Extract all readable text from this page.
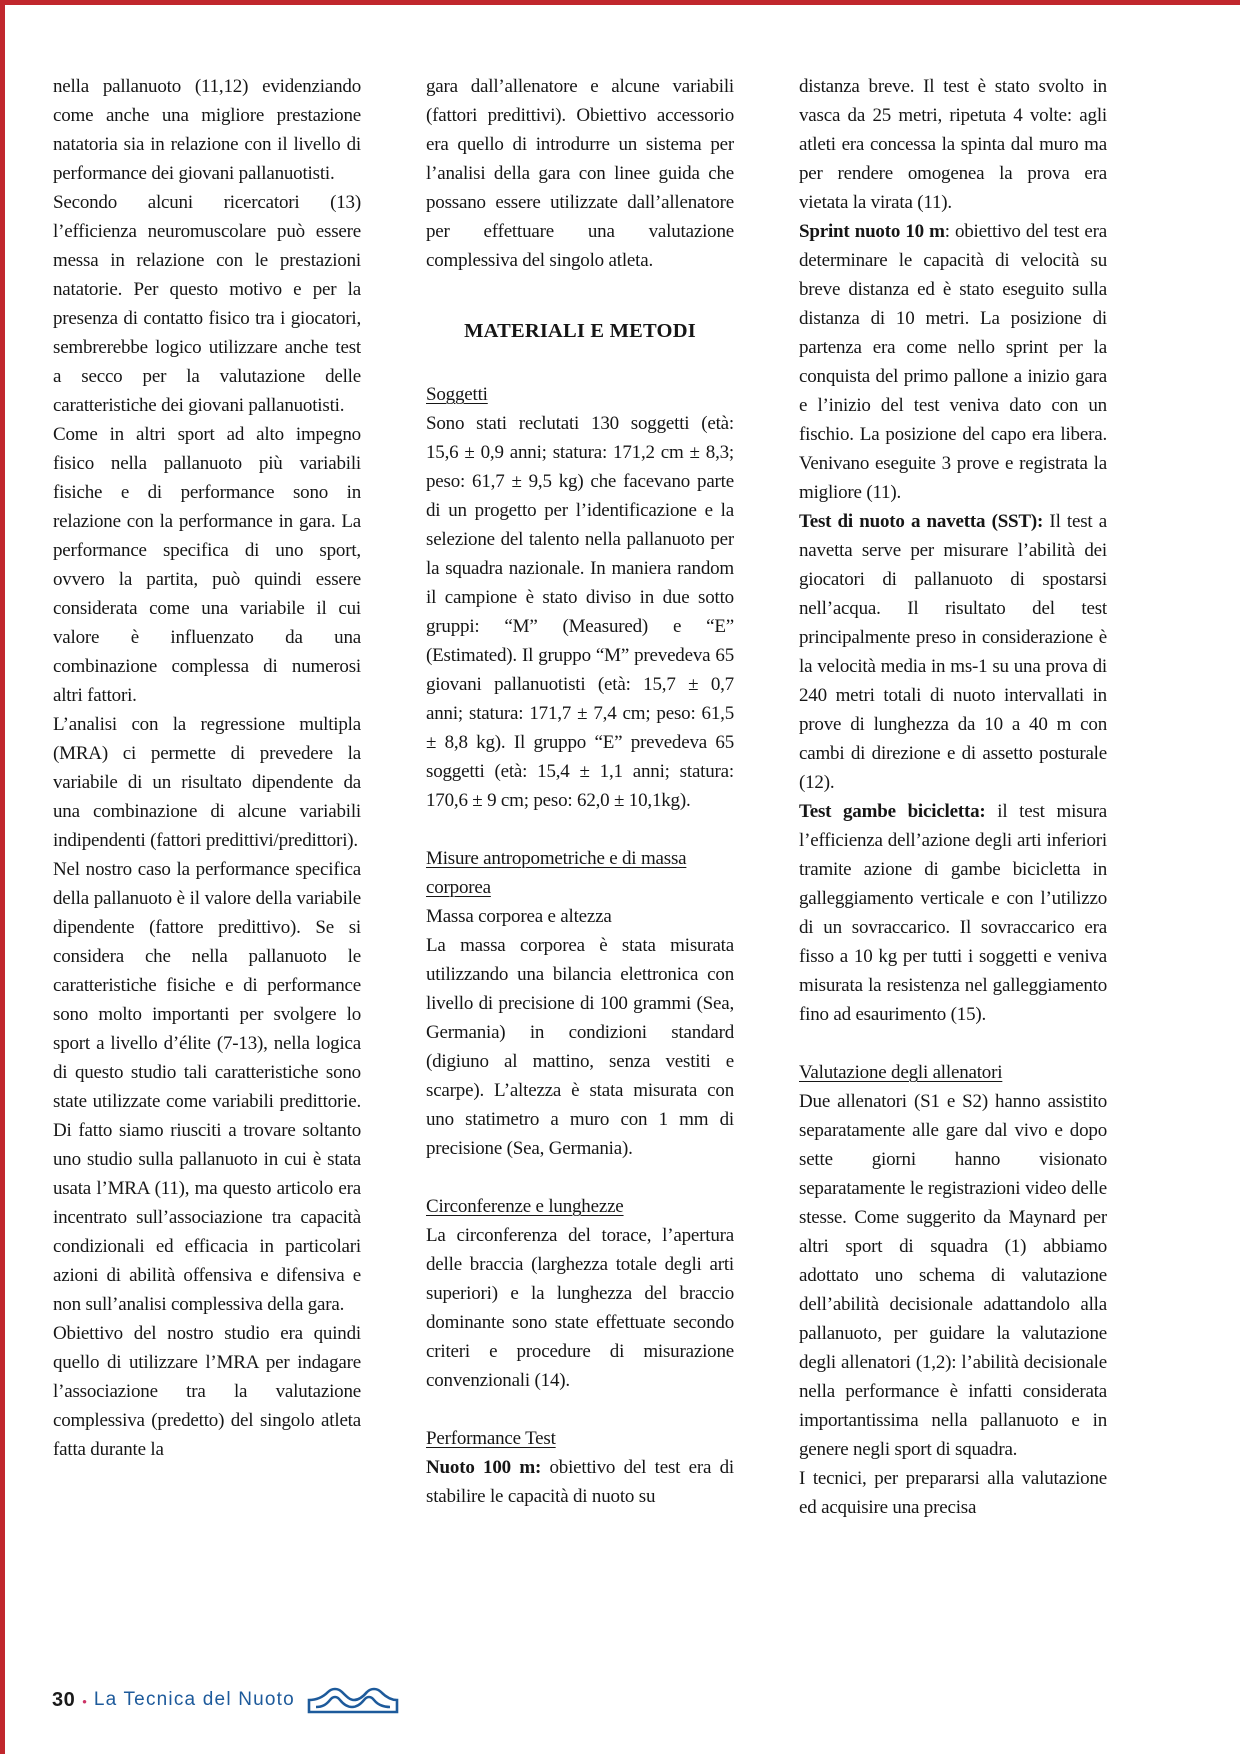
nella pallanuoto (11,12) evidenziando come anche una migliore prestazione natatoria sia in relazione con il livello di performance dei giovani pallanuotisti.

Secondo alcuni ricercatori (13) l’efficienza neuromuscolare può essere messa in relazione con le prestazioni natatorie. Per questo motivo e per la presenza di contatto fisico tra i giocatori, sembrerebbe logico utilizzare anche test a secco per la valutazione delle caratteristiche dei giovani pallanuotisti.

Come in altri sport ad alto impegno fisico nella pallanuoto più variabili fisiche e di performance sono in relazione con la performance in gara. La performance specifica di uno sport, ovvero la partita, può quindi essere considerata come una variabile il cui valore è influenzato da una combinazione complessa di numerosi altri fattori.

L’analisi con la regressione multipla (MRA) ci permette di prevedere la variabile di un risultato dipendente da una combinazione di alcune variabili indipendenti (fattori predittivi/predittori).

Nel nostro caso la performance specifica della pallanuoto è il valore della variabile dipendente (fattore predittivo). Se si considera che nella pallanuoto le caratteristiche fisiche e di performance sono molto importanti per svolgere lo sport a livello d’élite (7-13), nella logica di questo studio tali caratteristiche sono state utilizzate come variabili predittorie. Di fatto siamo riusciti a trovare soltanto uno studio sulla pallanuoto in cui è stata usata l’MRA (11), ma questo articolo era incentrato sull’associazione tra capacità condizionali ed efficacia in particolari azioni di abilità offensiva e difensiva e non sull’analisi complessiva della gara.

Obiettivo del nostro studio era quindi quello di utilizzare l’MRA per indagare l’associazione tra la valutazione complessiva (predetto) del singolo atleta fatta durante la

gara dall’allenatore e alcune variabili (fattori predittivi). Obiettivo accessorio era quello di introdurre un sistema per l’analisi della gara con linee guida che possano essere utilizzate dall’allenatore per effettuare una valutazione complessiva del singolo atleta.

MATERIALI E METODI
Soggetti

Sono stati reclutati 130 soggetti (età: 15,6 ± 0,9 anni; statura: 171,2 cm ± 8,3; peso: 61,7 ± 9,5 kg) che facevano parte di un progetto per l’identificazione e la selezione del talento nella pallanuoto per la squadra nazionale. In maniera random il campione è stato diviso in due sotto gruppi: “M” (Measured) e “E” (Estimated). Il gruppo “M” prevedeva 65 giovani pallanuotisti (età: 15,7 ± 0,7 anni; statura: 171,7 ± 7,4 cm; peso: 61,5 ± 8,8 kg). Il gruppo “E” prevedeva 65 soggetti (età: 15,4 ± 1,1 anni; statura: 170,6 ± 9 cm; peso: 62,0 ± 10,1kg).

Misure antropometriche e di massa corporea

Massa corporea e altezza

La massa corporea è stata misurata utilizzando una bilancia elettronica con livello di precisione di 100 grammi (Sea, Germania) in condizioni standard (digiuno al mattino, senza vestiti e scarpe). L’altezza è stata misurata con uno statimetro a muro con 1 mm di precisione (Sea, Germania).

Circonferenze e lunghezze

La circonferenza del torace, l’apertura delle braccia (larghezza totale degli arti superiori) e la lunghezza del braccio dominante sono state effettuate secondo criteri e procedure di misurazione convenzionali (14).

Performance Test

Nuoto 100 m: obiettivo del test era di stabilire le capacità di nuoto su

distanza breve. Il test è stato svolto in vasca da 25 metri, ripetuta 4 volte: agli atleti era concessa la spinta dal muro ma per rendere omogenea la prova era vietata la virata (11).

Sprint nuoto 10 m: obiettivo del test era determinare le capacità di velocità su breve distanza ed è stato eseguito sulla distanza di 10 metri. La posizione di partenza era come nello sprint per la conquista del primo pallone a inizio gara e l’inizio del test veniva dato con un fischio. La posizione del capo era libera. Venivano eseguite 3 prove e registrata la migliore (11).

Test di nuoto a navetta (SST): Il test a navetta serve per misurare l’abilità dei giocatori di pallanuoto di spostarsi nell’acqua. Il risultato del test principalmente preso in considerazione è la velocità media in ms-1 su una prova di 240 metri totali di nuoto intervallati in prove di lunghezza da 10 a 40 m con cambi di direzione e di assetto posturale (12).

Test gambe bicicletta: il test misura l’efficienza dell’azione degli arti inferiori tramite azione di gambe bicicletta in galleggiamento verticale e con l’utilizzo di un sovraccarico. Il sovraccarico era fisso a 10 kg per tutti i soggetti e veniva misurata la resistenza nel galleggiamento fino ad esaurimento (15).

Valutazione degli allenatori

Due allenatori (S1 e S2) hanno assistito separatamente alle gare dal vivo e dopo sette giorni hanno visionato separatamente le registrazioni video delle stesse. Come suggerito da Maynard per altri sport di squadra (1) abbiamo adottato uno schema di valutazione dell’abilità decisionale adattandolo alla pallanuoto, per guidare la valutazione degli allenatori (1,2): l’abilità decisionale nella performance è infatti considerata importantissima nella pallanuoto e in genere negli sport di squadra.

I tecnici, per prepararsi alla valutazione ed acquisire una precisa

30 • La Tecnica del Nuoto
